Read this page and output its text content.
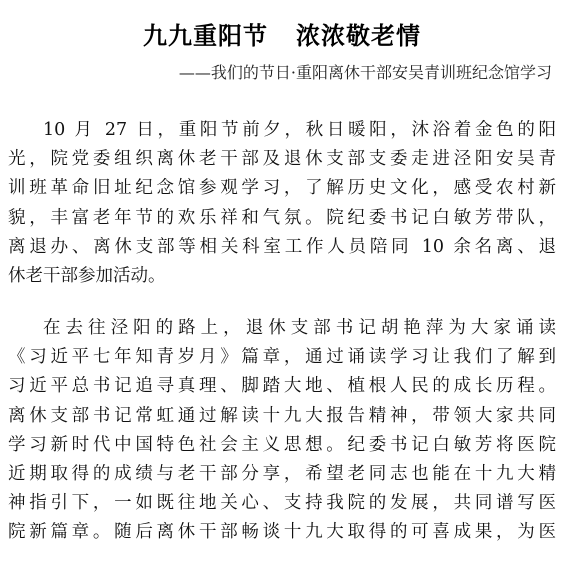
九九重阳节   浓浓敬老情
——我们的节日·重阳离休干部安吴青训班纪念馆学习
10 月 27 日，重阳节前夕，秋日暖阳，沐浴着金色的阳
光，院党委组织离休老干部及退休支部支委走进泾阳安吴青
训班革命旧址纪念馆参观学习，了解历史文化，感受农村新
貌，丰富老年节的欢乐祥和气氛。院纪委书记白敏芳带队，
离退办、离休支部等相关科室工作人员陪同 10 余名离、退
休老干部参加活动。
在去往泾阳的路上，退休支部书记胡艳萍为大家诵读
《习近平七年知青岁月》篇章，通过诵读学习让我们了解到
习近平总书记追寻真理、脚踏大地、植根人民的成长历程。
离休支部书记常虹通过解读十九大报告精神，带领大家共同
学习新时代中国特色社会主义思想。纪委书记白敏芳将医院
近期取得的成绩与老干部分享，希望老同志也能在十九大精
神指引下，一如既往地关心、支持我院的发展，共同谱写医
院新篇章。随后离休干部畅谈十九大取得的可喜成果，为医
